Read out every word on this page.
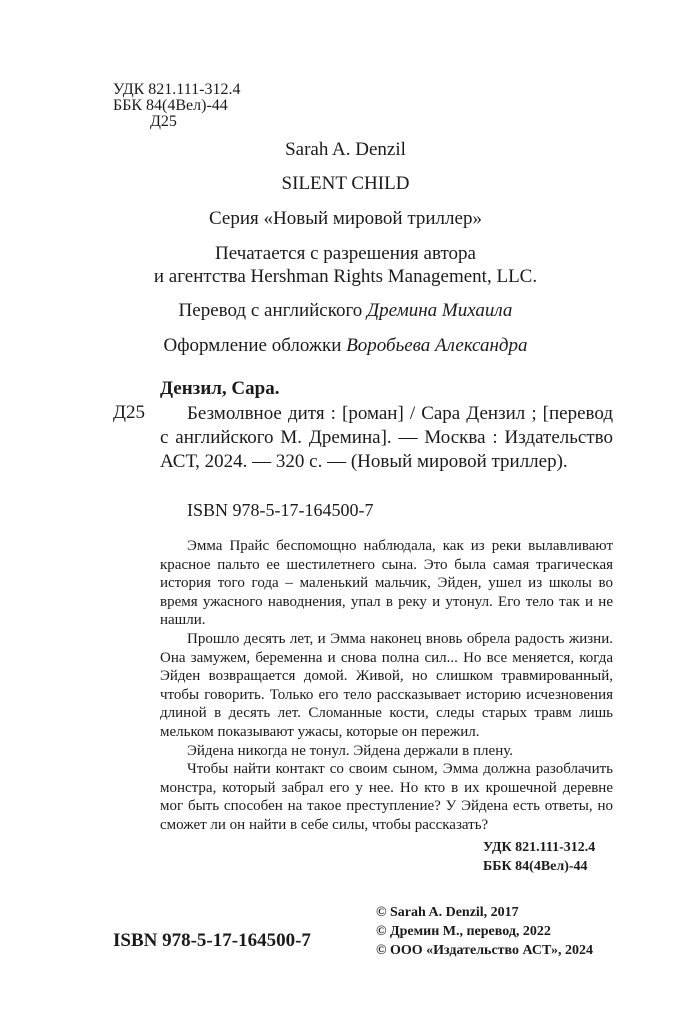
УДК 821.111-312.4
ББК 84(4Вел)-44
Д25
Sarah A. Denzil
SILENT CHILD
Серия «Новый мировой триллер»
Печатается с разрешения автора
и агентства Hershman Rights Management, LLC.
Перевод с английского Дремина Михаила
Оформление обложки Воробьева Александра
Дензил, Сара.
Д25	Безмолвное дитя : [роман] / Сара Дензил ; [перевод с английского М. Дремина]. — Москва : Издательство АСТ, 2024. — 320 с. — (Новый мировой триллер).
ISBN 978-5-17-164500-7

Эмма Прайс беспомощно наблюдала, как из реки вылавливают красное пальто ее шестилетнего сына. Это была самая трагическая история того года – маленький мальчик, Эйден, ушел из школы во время ужасного наводнения, упал в реку и утонул. Его тело так и не нашли.

Прошло десять лет, и Эмма наконец вновь обрела радость жизни. Она замужем, беременна и снова полна сил... Но все меняется, когда Эйден возвращается домой. Живой, но слишком травмированный, чтобы говорить. Только его тело рассказывает историю исчезновения длиной в десять лет. Сломанные кости, следы старых травм лишь мельком показывают ужасы, которые он пережил.

Эйдена никогда не тонул. Эйдена держали в плену.

Чтобы найти контакт со своим сыном, Эмма должна разоблачить монстра, который забрал его у нее. Но кто в их крошечной деревне мог быть способен на такое преступление? У Эйдена есть ответы, но сможет ли он найти в себе силы, чтобы рассказать?

УДК 821.111-312.4
ББК 84(4Вел)-44
ISBN 978-5-17-164500-7
© Sarah A. Denzil, 2017
© Дремин М., перевод, 2022
© ООО «Издательство АСТ», 2024
